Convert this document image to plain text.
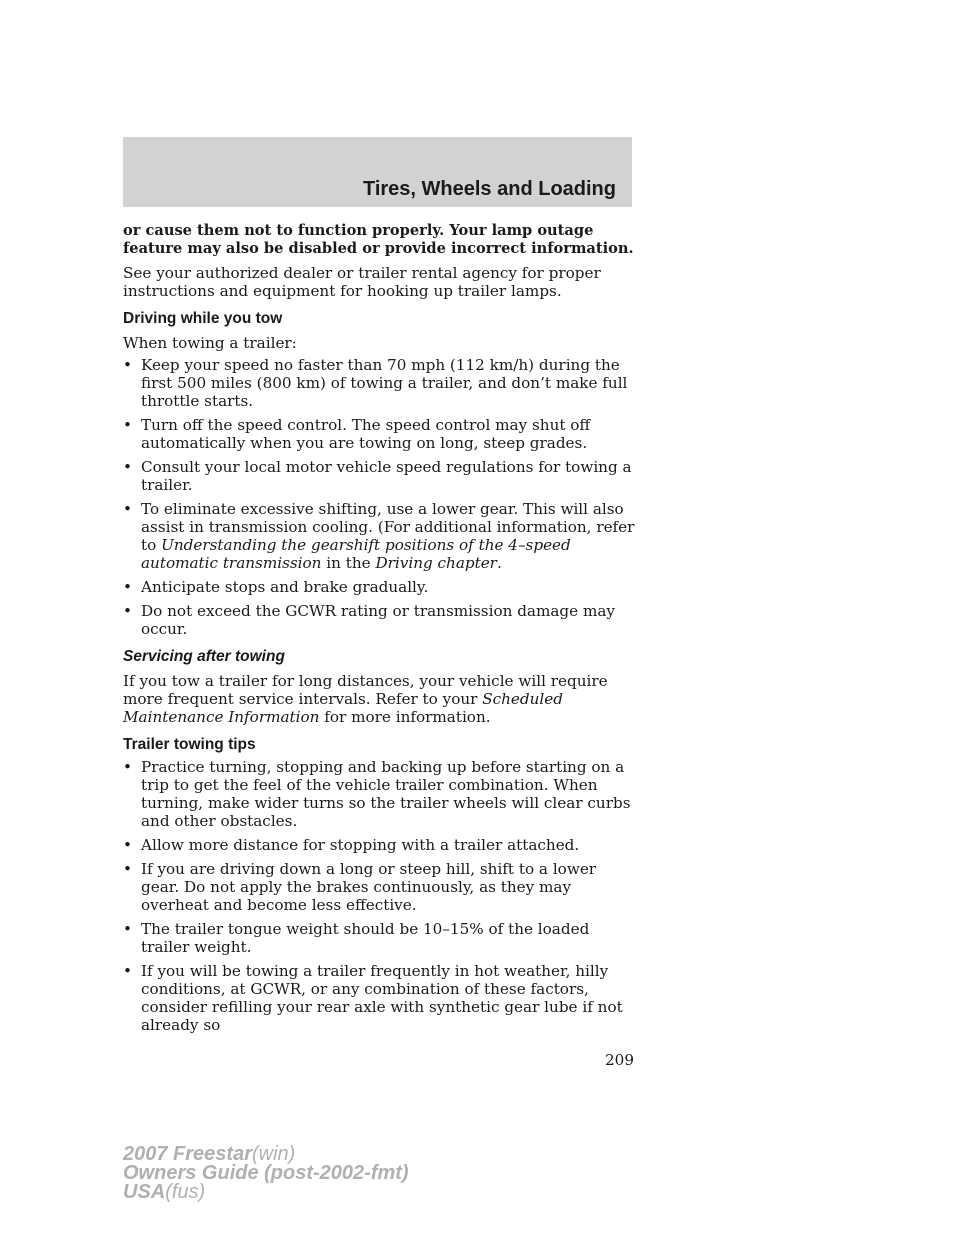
Tires, Wheels and Loading

or cause them not to function properly. Your lamp outage feature may also be disabled or provide incorrect information.

See your authorized dealer or trailer rental agency for proper instructions and equipment for hooking up trailer lamps.

Driving while you tow

When towing a trailer:

• Keep your speed no faster than 70 mph (112 km/h) during the first 500 miles (800 km) of towing a trailer, and don’t make full throttle starts.
• Turn off the speed control. The speed control may shut off automatically when you are towing on long, steep grades.
• Consult your local motor vehicle speed regulations for towing a trailer.
• To eliminate excessive shifting, use a lower gear. This will also assist in transmission cooling. (For additional information, refer to Understanding the gearshift positions of the 4–speed automatic transmission in the Driving chapter.
• Anticipate stops and brake gradually.
• Do not exceed the GCWR rating or transmission damage may occur.

Servicing after towing

If you tow a trailer for long distances, your vehicle will require more frequent service intervals. Refer to your Scheduled Maintenance Information for more information.

Trailer towing tips

• Practice turning, stopping and backing up before starting on a trip to get the feel of the vehicle trailer combination. When turning, make wider turns so the trailer wheels will clear curbs and other obstacles.
• Allow more distance for stopping with a trailer attached.
• If you are driving down a long or steep hill, shift to a lower gear. Do not apply the brakes continuously, as they may overheat and become less effective.
• The trailer tongue weight should be 10–15% of the loaded trailer weight.
• If you will be towing a trailer frequently in hot weather, hilly conditions, at GCWR, or any combination of these factors, consider refilling your rear axle with synthetic gear lube if not already so
209
2007 Freestar(win)
Owners Guide (post-2002-fmt)
USA(fus)
